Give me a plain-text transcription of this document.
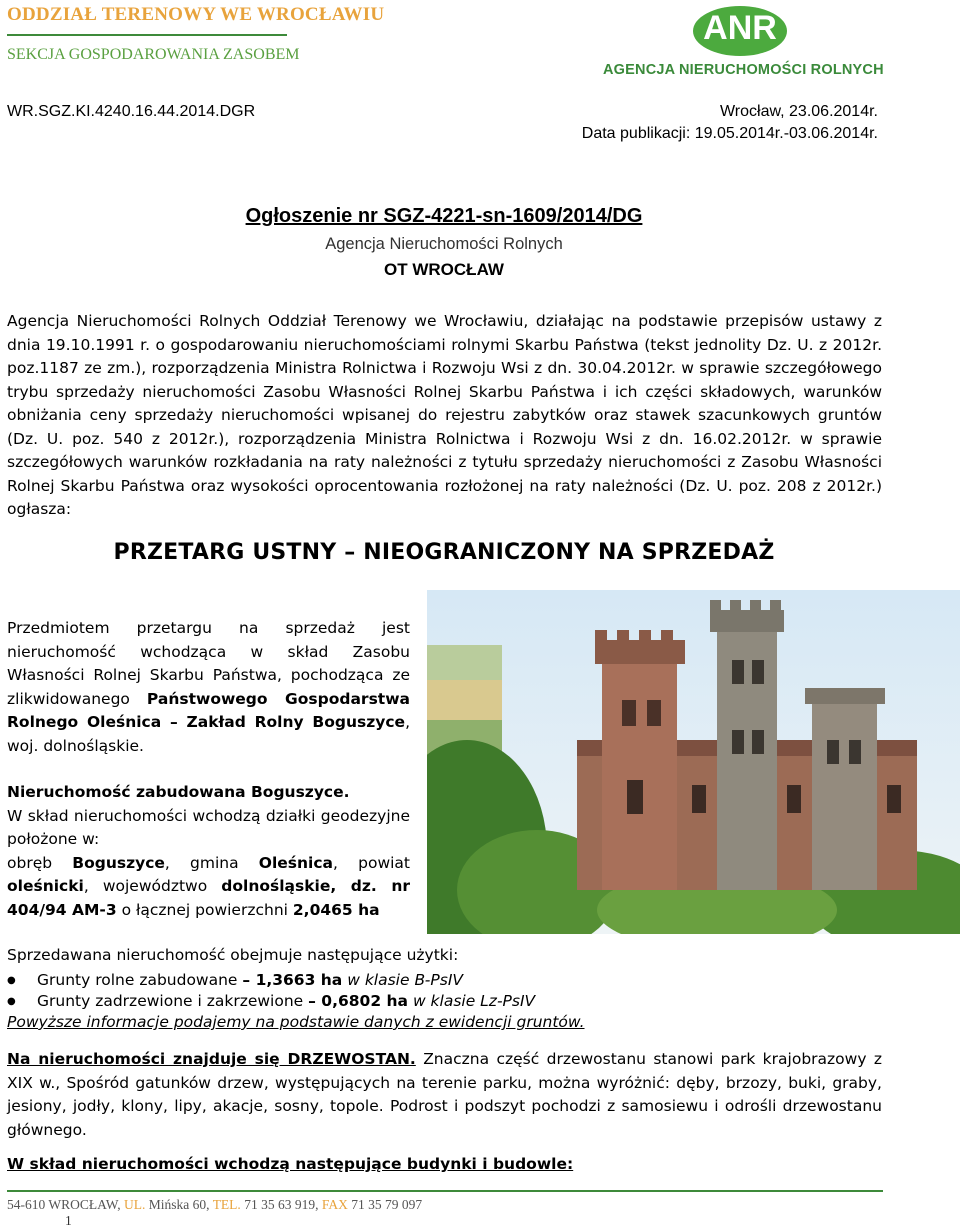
ODDZIAŁ TERENOWY WE WROCŁAWIU
SEKCJA GOSPODAROWANIA ZASOBEM
ANR
AGENCJA NIERUCHOMOŚCI ROLNYCH
WR.SGZ.KI.4240.16.44.2014.DGR	Wrocław, 23.06.2014r.
Data publikacji: 19.05.2014r.-03.06.2014r.
Ogłoszenie nr SGZ-4221-sn-1609/2014/DG
Agencja Nieruchomości Rolnych
OT WROCŁAW
Agencja Nieruchomości Rolnych Oddział Terenowy we Wrocławiu, działając na podstawie przepisów ustawy z dnia 19.10.1991 r. o gospodarowaniu nieruchomościami rolnymi Skarbu Państwa (tekst jednolity Dz. U. z 2012r. poz.1187 ze zm.), rozporządzenia Ministra Rolnictwa i Rozwoju Wsi z dn. 30.04.2012r. w sprawie szczegółowego trybu sprzedaży nieruchomości Zasobu Własności Rolnej Skarbu Państwa i ich części składowych, warunków obniżania ceny sprzedaży nieruchomości wpisanej do rejestru zabytków oraz stawek szacunkowych gruntów (Dz. U. poz. 540 z 2012r.), rozporządzenia Ministra Rolnictwa i Rozwoju Wsi z dn. 16.02.2012r. w sprawie szczegółowych warunków rozkładania na raty należności z tytułu sprzedaży nieruchomości z Zasobu Własności Rolnej Skarbu Państwa oraz wysokości oprocentowania rozłożonej na raty należności (Dz. U. poz. 208 z 2012r.) ogłasza:
PRZETARG USTNY – NIEOGRANICZONY NA SPRZEDAŻ
Przedmiotem przetargu na sprzedaż jest nieruchomość wchodząca w skład Zasobu Własności Rolnej Skarbu Państwa, pochodząca ze zlikwidowanego Państwowego Gospodarstwa Rolnego Oleśnica – Zakład Rolny Boguszyce, woj. dolnośląskie.
Nieruchomość zabudowana Boguszyce.
W skład nieruchomości wchodzą działki geodezyjne położone w:
obręb Boguszyce, gmina Oleśnica, powiat oleśnicki, województwo dolnośląskie, dz. nr 404/94 AM-3 o łącznej powierzchni 2,0465 ha
Sprzedawana nieruchomość obejmuje następujące użytki:
● Grunty rolne zabudowane – 1,3663 ha w klasie B-PsIV
● Grunty zadrzewione i zakrzewione – 0,6802 ha w klasie Lz-PsIV
Powyższe informacje podajemy na podstawie danych z ewidencji gruntów.
Na nieruchomości znajduje się DRZEWOSTAN. Znaczna część drzewostanu stanowi park krajobrazowy z XIX w., Spośród gatunków drzew, występujących na terenie parku, można wyróżnić: dęby, brzozy, buki, graby, jesiony, jodły, klony, lipy, akacje, sosny, topole. Podrost i podszyt pochodzi z samosiewu i odrośli drzewostanu głównego.
W skład nieruchomości wchodzą następujące budynki i budowle:
54-610 WROCŁAW, UL. Mińska 60, TEL. 71 35 63 919, FAX 71 35 79 097
1
